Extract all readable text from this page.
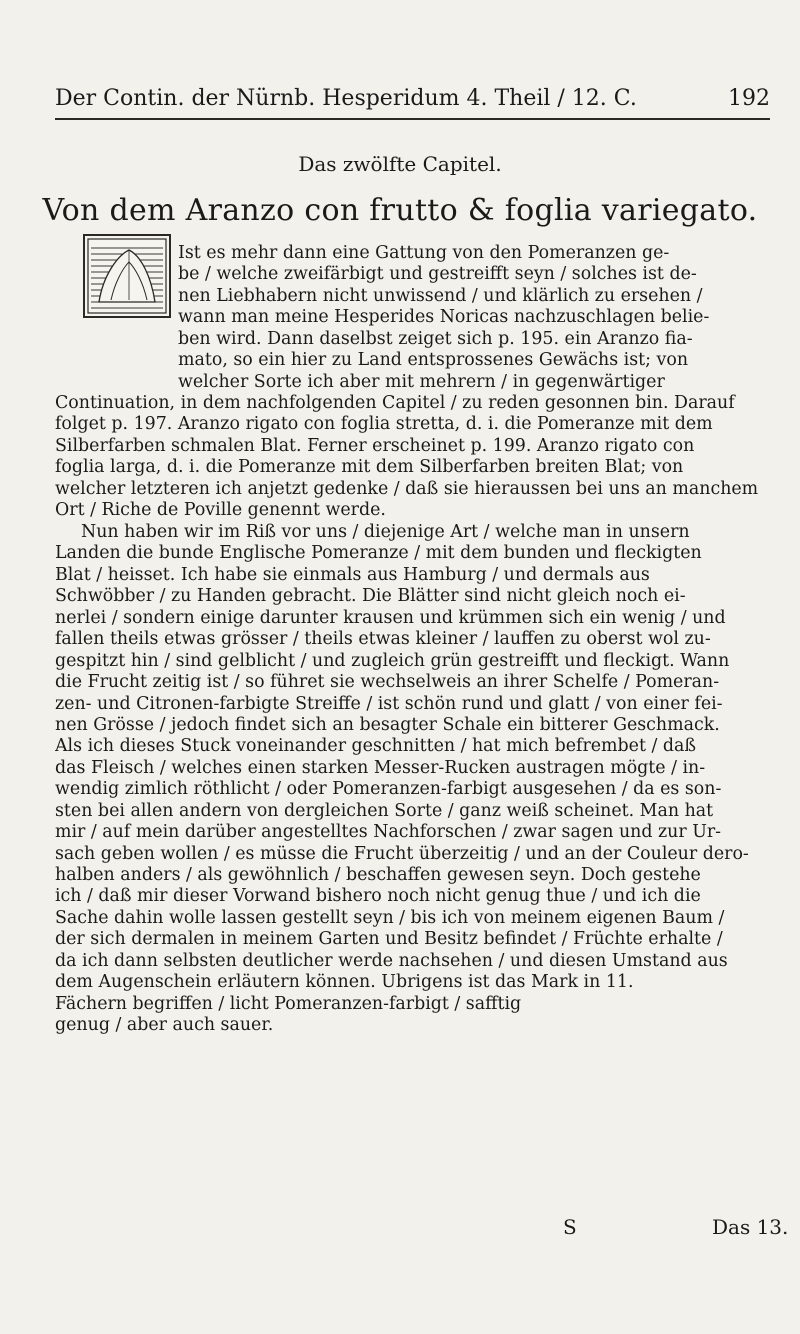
Der Contin. der Nürnb. Hesperidum 4. Theil / 12. C.	192
Das zwölfte Capitel.
Von dem Aranzo con frutto & foglia variegato.
Ist es mehr dann eine Gattung von den Pomeranzen ge-
be / welche zweifärbigt und gestreifft seyn / solches ist de-
nen Liebhabern nicht unwissend / und klärlich zu ersehen /
wann man meine Hesperides Noricas nachzuschlagen belie-
ben wird. Dann daselbst zeiget sich p. 195. ein Aranzo fia-
mato, so ein hier zu Land entsprossenes Gewächs ist; von
welcher Sorte ich aber mit mehrern / in gegenwärtiger
Continuation, in dem nachfolgenden Capitel / zu reden gesonnen bin. Darauf
folget p. 197. Aranzo rigato con foglia stretta, d. i. die Pomeranze mit dem
Silberfarben schmalen Blat. Ferner erscheinet p. 199. Aranzo rigato con
foglia larga, d. i. die Pomeranze mit dem Silberfarben breiten Blat; von
welcher letzteren ich anjetzt gedenke / daß sie hieraussen bei uns an manchem
Ort / Riche de Poville genennt werde.
Nun haben wir im Riß vor uns / diejenige Art / welche man in unsern
Landen die bunde Englische Pomeranze / mit dem bunden und fleckigten
Blat / heisset. Ich habe sie einmals aus Hamburg / und dermals aus
Schwöbber / zu Handen gebracht. Die Blätter sind nicht gleich noch ei-
nerlei / sondern einige darunter krausen und krümmen sich ein wenig / und
fallen theils etwas grösser / theils etwas kleiner / lauffen zu oberst wol zu-
gespitzt hin / sind gelblicht / und zugleich grün gestreifft und fleckigt. Wann
die Frucht zeitig ist / so führet sie wechselweis an ihrer Schelfe / Pomeran-
zen- und Citronen-farbigte Streiffe / ist schön rund und glatt / von einer fei-
nen Grösse / jedoch findet sich an besagter Schale ein bitterer Geschmack.
Als ich dieses Stuck voneinander geschnitten / hat mich befrembet / daß
das Fleisch / welches einen starken Messer-Rucken austragen mögte / in-
wendig zimlich röthlicht / oder Pomeranzen-farbigt ausgesehen / da es son-
sten bei allen andern von dergleichen Sorte / ganz weiß scheinet. Man hat
mir / auf mein darüber angestelltes Nachforschen / zwar sagen und zur Ur-
sach geben wollen / es müsse die Frucht überzeitig / und an der Couleur dero-
halben anders / als gewöhnlich / beschaffen gewesen seyn. Doch gestehe
ich / daß mir dieser Vorwand bishero noch nicht genug thue / und ich die
Sache dahin wolle lassen gestellt seyn / bis ich von meinem eigenen Baum /
der sich dermalen in meinem Garten und Besitz befindet / Früchte erhalte /
da ich dann selbsten deutlicher werde nachsehen / und diesen Umstand aus
dem Augenschein erläutern können. Ubrigens ist das Mark in 11.
Fächern begriffen / licht Pomeranzen-farbigt / safftig
genug / aber auch sauer.
S	Das 13.
